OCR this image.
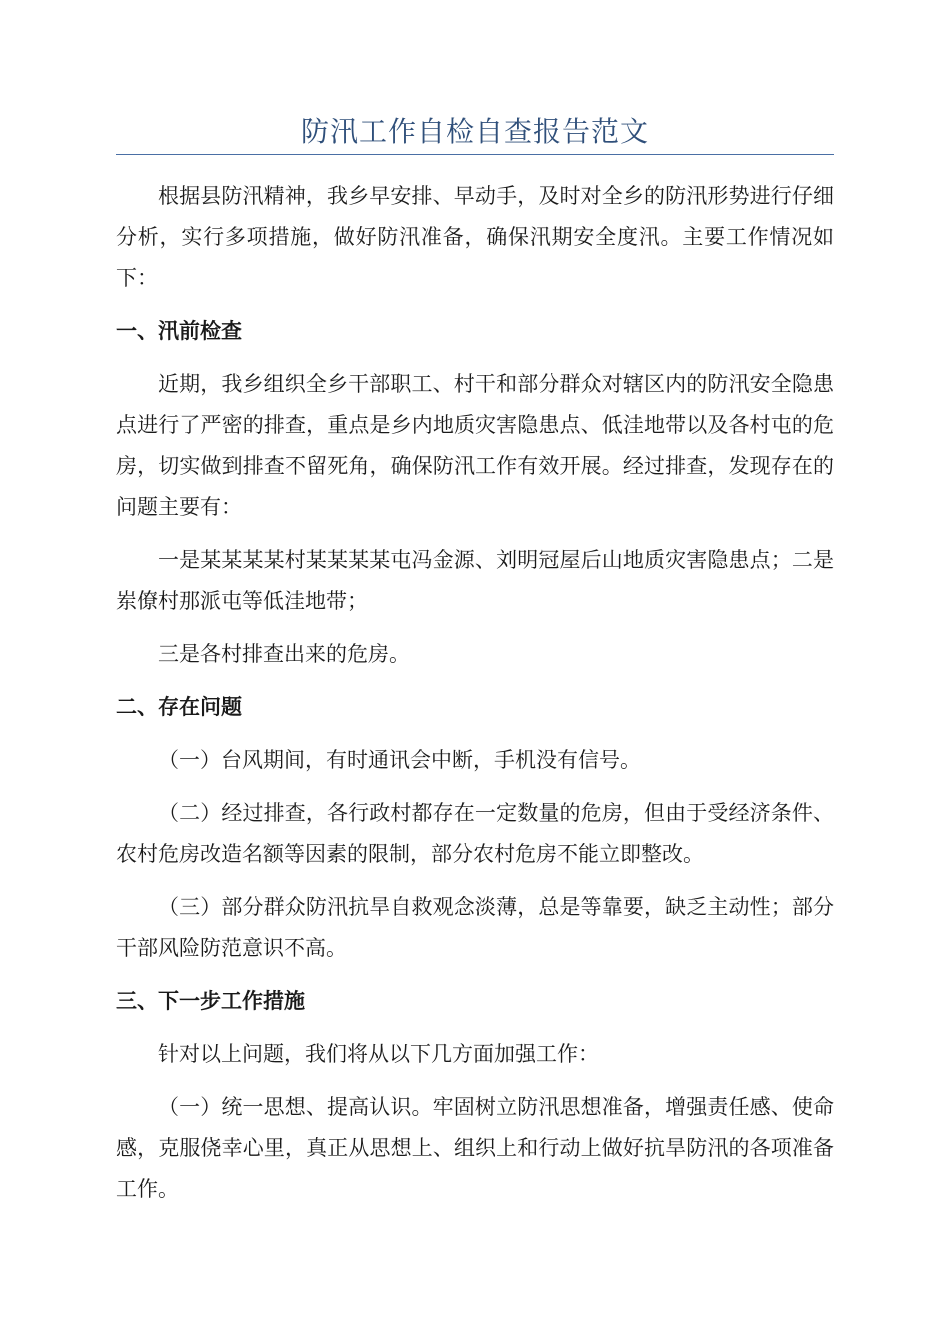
防汛工作自检自查报告范文

根据县防汛精神，我乡早安排、早动手，及时对全乡的防汛形势进行仔细分析，实行多项措施，做好防汛准备，确保汛期安全度汛。主要工作情况如下：

一、汛前检查

近期，我乡组织全乡干部职工、村干和部分群众对辖区内的防汛安全隐患点进行了严密的排查，重点是乡内地质灾害隐患点、低洼地带以及各村屯的危房，切实做到排查不留死角，确保防汛工作有效开展。经过排查，发现存在的问题主要有：

一是某某某某村某某某某屯冯金源、刘明冠屋后山地质灾害隐患点；二是岽僚村那派屯等低洼地带；

三是各村排查出来的危房。

二、存在问题

（一）台风期间，有时通讯会中断，手机没有信号。

（二）经过排查，各行政村都存在一定数量的危房，但由于受经济条件、农村危房改造名额等因素的限制，部分农村危房不能立即整改。

（三）部分群众防汛抗旱自救观念淡薄，总是等靠要，缺乏主动性；部分干部风险防范意识不高。

三、下一步工作措施

针对以上问题，我们将从以下几方面加强工作：

（一）统一思想、提高认识。牢固树立防汛思想准备，增强责任感、使命感，克服侥幸心里，真正从思想上、组织上和行动上做好抗旱防汛的各项准备工作。
